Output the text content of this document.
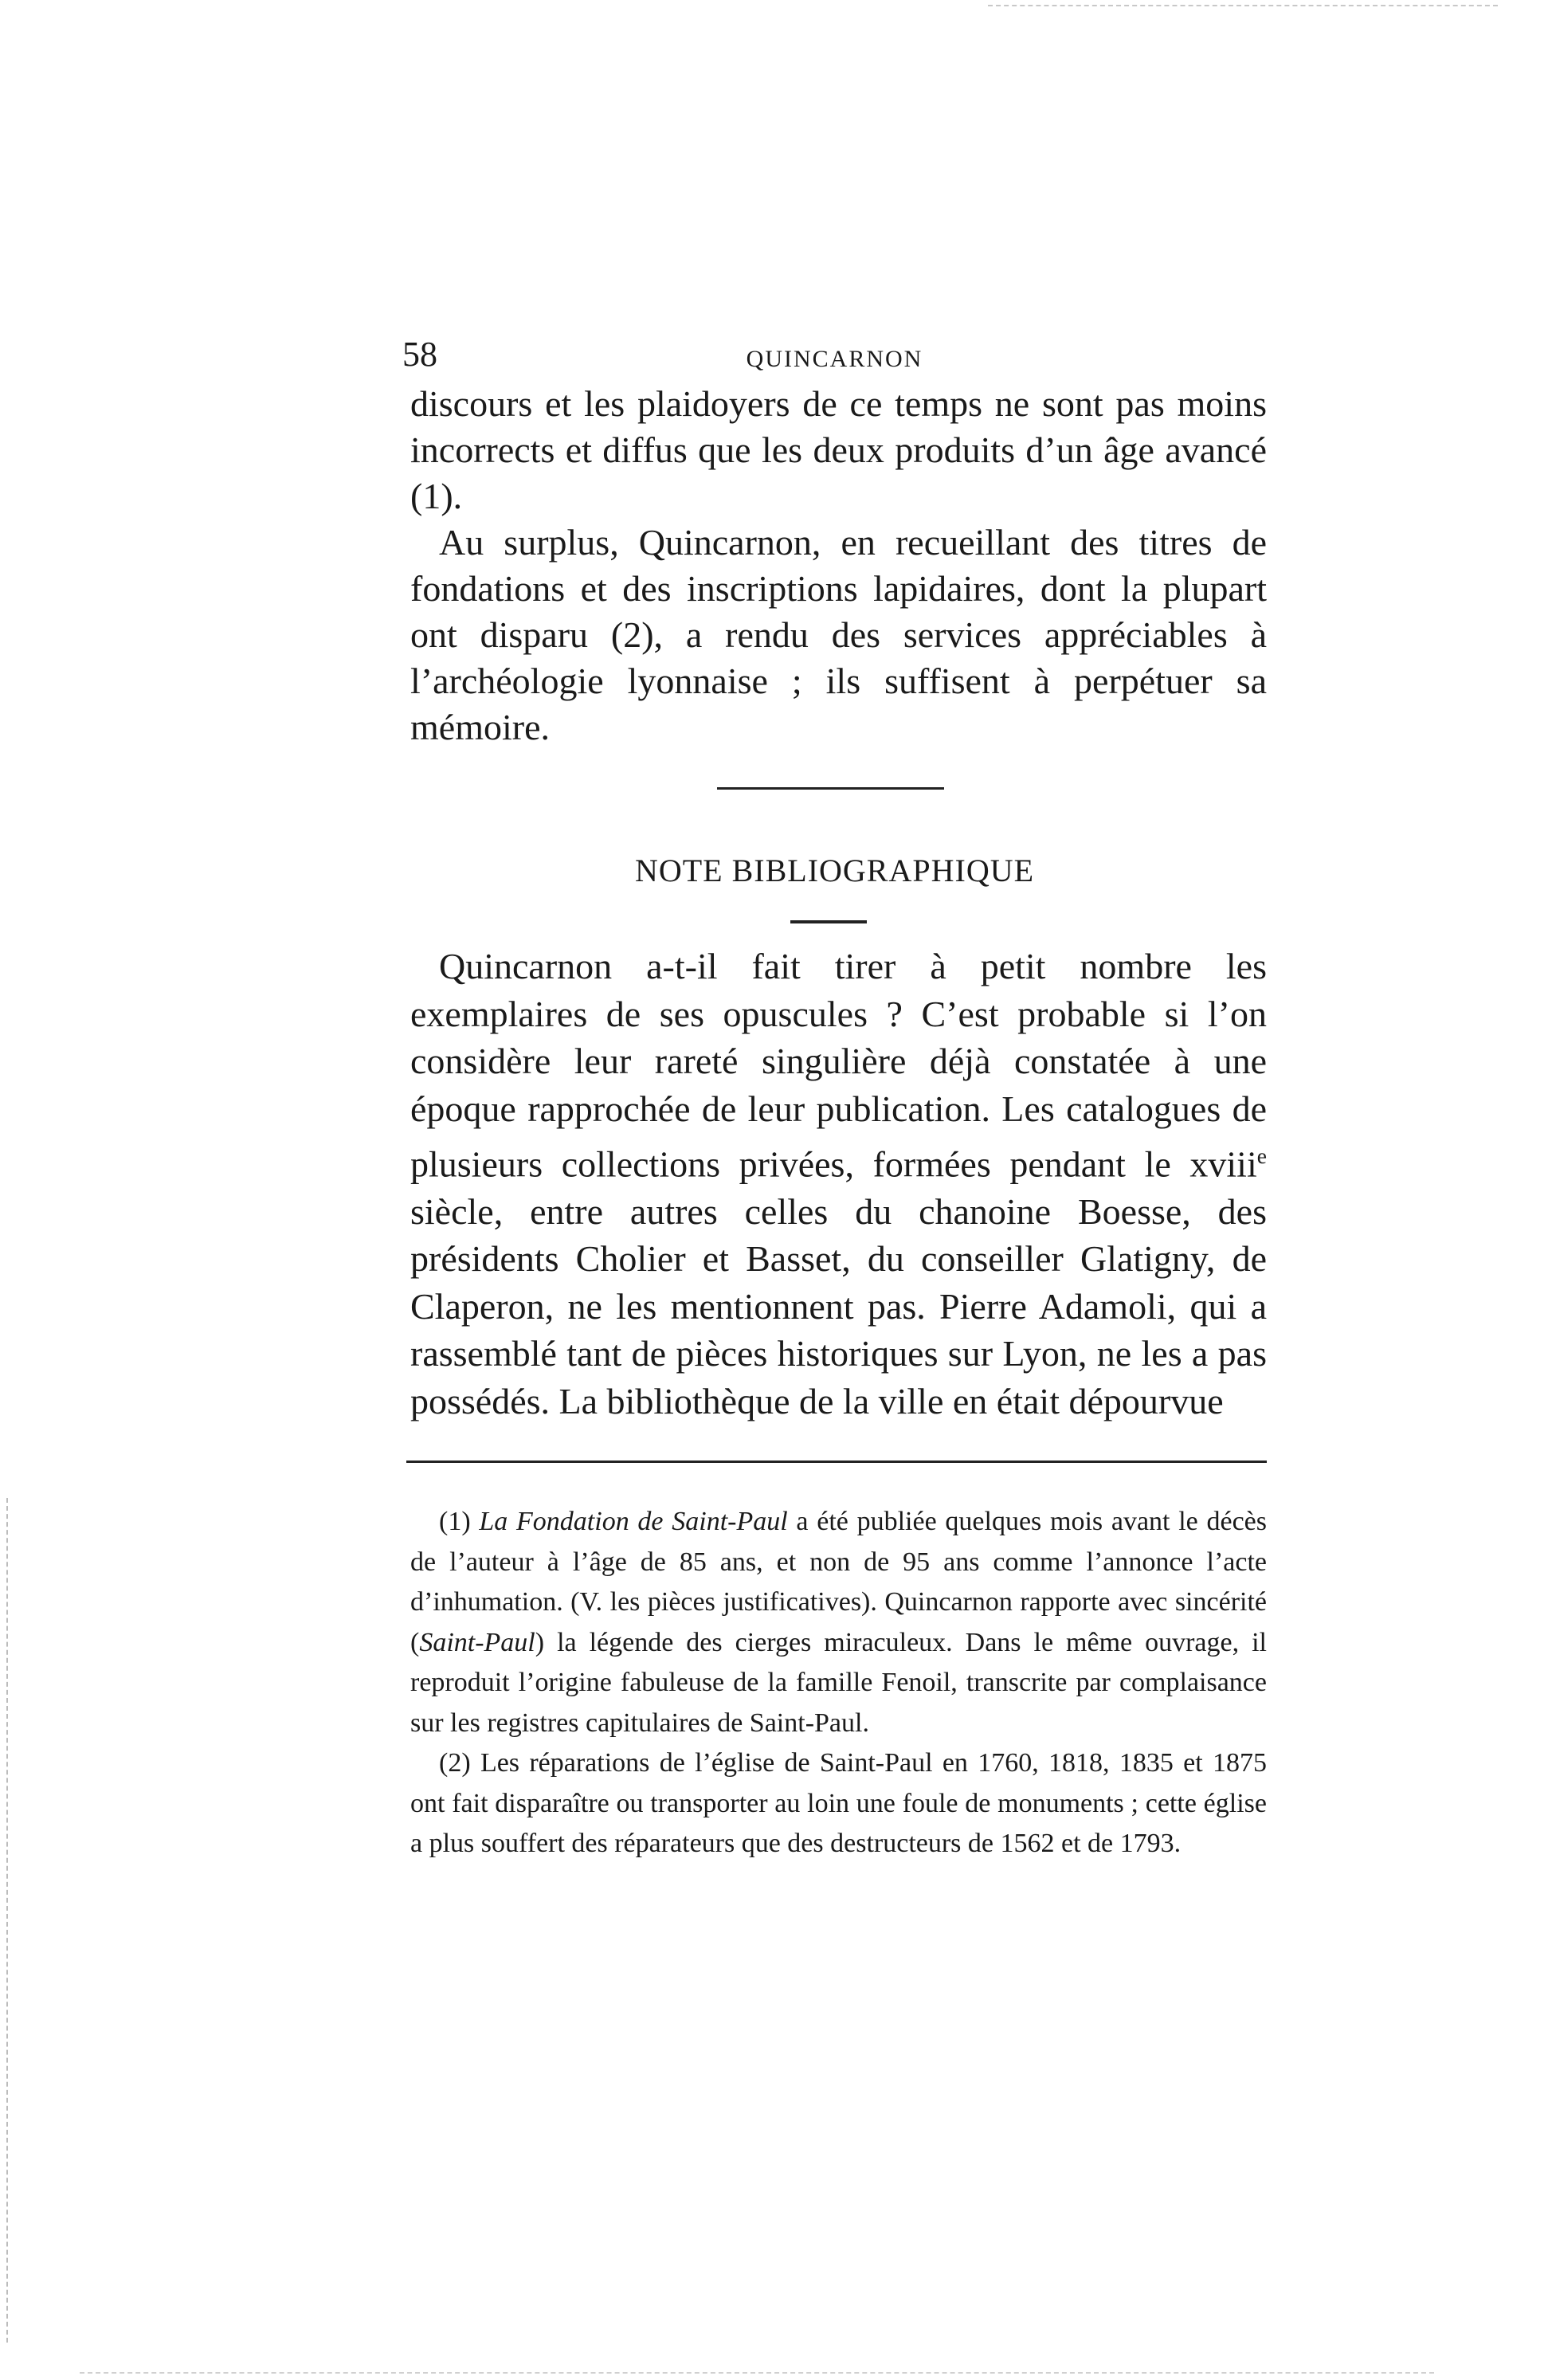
58	QUINCARNON

discours et les plaidoyers de ce temps ne sont pas moins incorrects et diffus que les deux produits d’un âge avancé (1).

Au surplus, Quincarnon, en recueillant des titres de fondations et des inscriptions lapidaires, dont la plupart ont disparu (2), a rendu des services appréciables à l’archéologie lyonnaise ; ils suffisent à perpétuer sa mémoire.

NOTE BIBLIOGRAPHIQUE

Quincarnon a-t-il fait tirer à petit nombre les exemplaires de ses opuscules ? C’est probable si l’on considère leur rareté singulière déjà constatée à une époque rapprochée de leur publication. Les catalogues de plusieurs collections privées, formées pendant le xviii$^e$ siècle, entre autres celles du chanoine Boesse, des présidents Cholier et Basset, du conseiller Glatigny, de Claperon, ne les mentionnent pas. Pierre Adamoli, qui a rassemblé tant de pièces historiques sur Lyon, ne les a pas possédés. La bibliothèque de la ville en était dépourvue

(1) La Fondation de Saint-Paul a été publiée quelques mois avant le décès de l’auteur à l’âge de 85 ans, et non de 95 ans comme l’annonce l’acte d’inhumation. (V. les pièces justificatives). Quincarnon rapporte avec sincérité (Saint-Paul) la légende des cierges miraculeux. Dans le même ouvrage, il reproduit l’origine fabuleuse de la famille Fenoil, transcrite par complaisance sur les registres capitulaires de Saint-Paul.

(2) Les réparations de l’église de Saint-Paul en 1760, 1818, 1835 et 1875 ont fait disparaître ou transporter au loin une foule de monuments ; cette église a plus souffert des réparateurs que des destructeurs de 1562 et de 1793.
